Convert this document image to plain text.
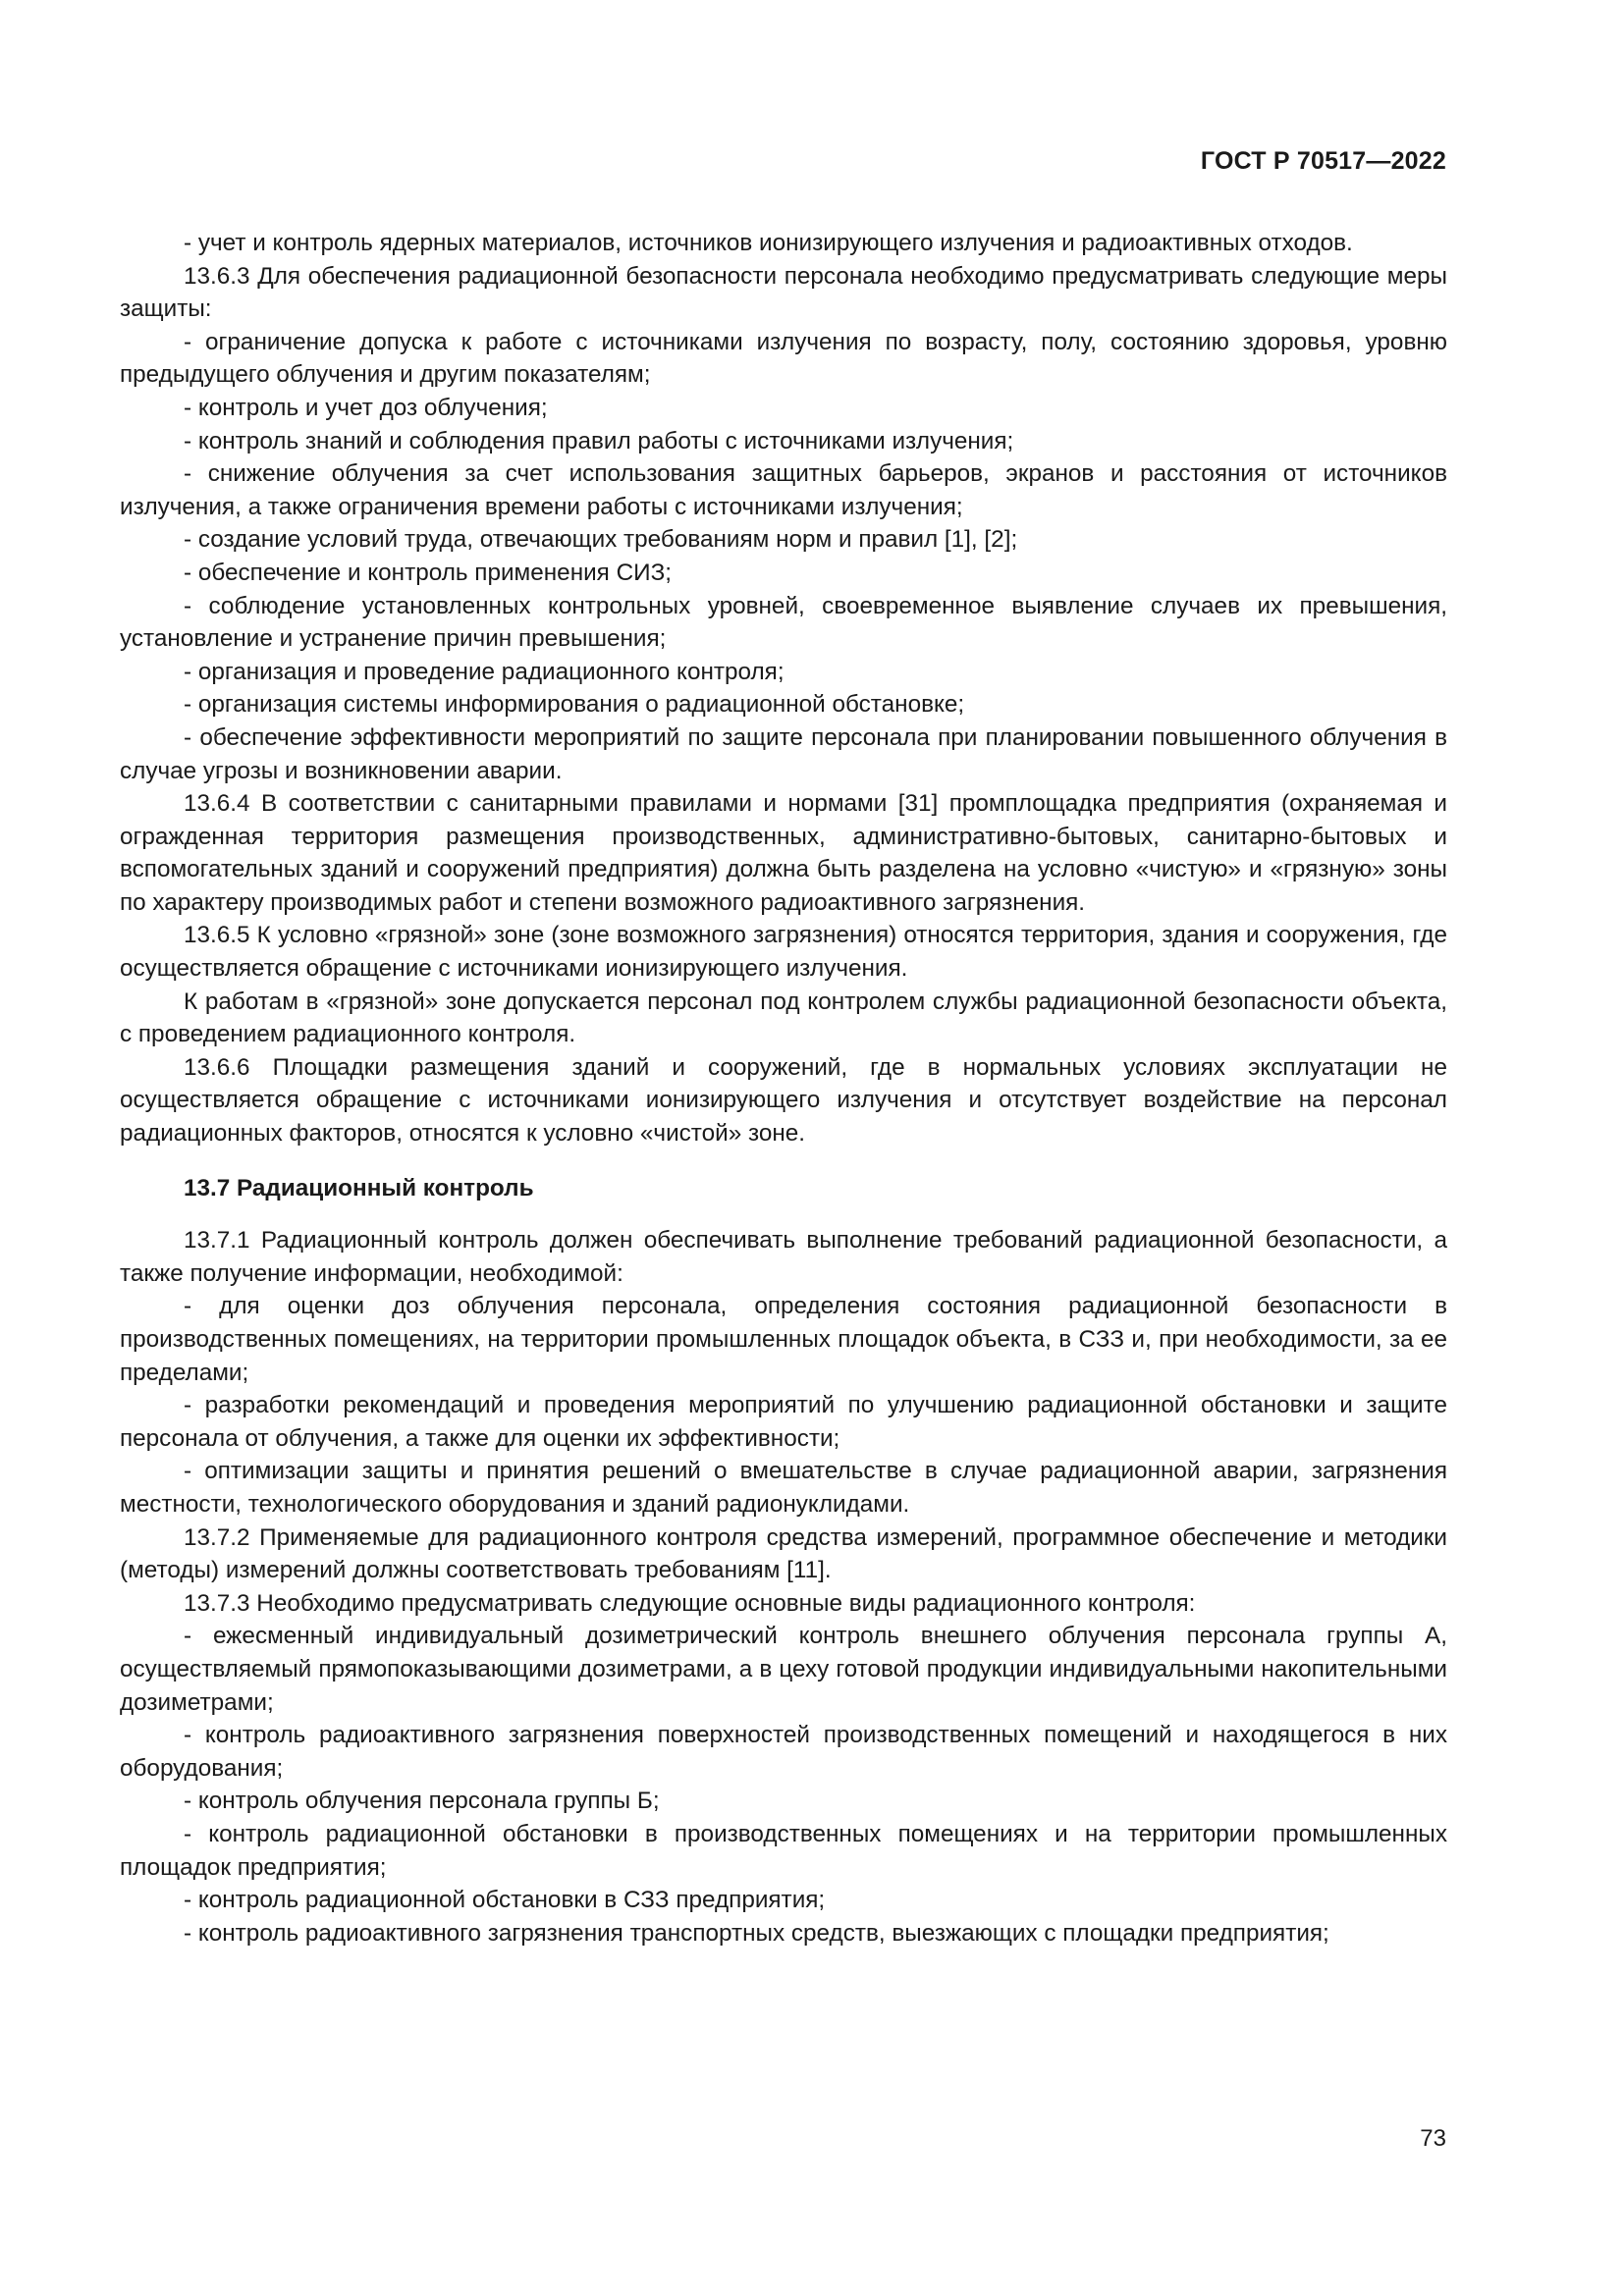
ГОСТ Р 70517—2022

- учет и контроль ядерных материалов, источников ионизирующего излучения и радиоактивных отходов.

13.6.3 Для обеспечения радиационной безопасности персонала необходимо предусматривать следующие меры защиты:

- ограничение допуска к работе с источниками излучения по возрасту, полу, состоянию здоровья, уровню предыдущего облучения и другим показателям;

- контроль и учет доз облучения;

- контроль знаний и соблюдения правил работы с источниками излучения;

- снижение облучения за счет использования защитных барьеров, экранов и расстояния от источников излучения, а также ограничения времени работы с источниками излучения;

- создание условий труда, отвечающих требованиям норм и правил [1], [2];

- обеспечение и контроль применения СИЗ;

- соблюдение установленных контрольных уровней, своевременное выявление случаев их превышения, установление и устранение причин превышения;

- организация и проведение радиационного контроля;

- организация системы информирования о радиационной обстановке;

- обеспечение эффективности мероприятий по защите персонала при планировании повышенного облучения в случае угрозы и возникновении аварии.

13.6.4 В соответствии с санитарными правилами и нормами [31] промплощадка предприятия (охраняемая и огражденная территория размещения производственных, административно-бытовых, санитарно-бытовых и вспомогательных зданий и сооружений предприятия) должна быть разделена на условно «чистую» и «грязную» зоны по характеру производимых работ и степени возможного радиоактивного загрязнения.

13.6.5 К условно «грязной» зоне (зоне возможного загрязнения) относятся территория, здания и сооружения, где осуществляется обращение с источниками ионизирующего излучения.

К работам в «грязной» зоне допускается персонал под контролем службы радиационной безопасности объекта, с проведением радиационного контроля.

13.6.6 Площадки размещения зданий и сооружений, где в нормальных условиях эксплуатации не осуществляется обращение с источниками ионизирующего излучения и отсутствует воздействие на персонал радиационных факторов, относятся к условно «чистой» зоне.

13.7 Радиационный контроль

13.7.1 Радиационный контроль должен обеспечивать выполнение требований радиационной безопасности, а также получение информации, необходимой:

- для оценки доз облучения персонала, определения состояния радиационной безопасности в производственных помещениях, на территории промышленных площадок объекта, в СЗЗ и, при необходимости, за ее пределами;

- разработки рекомендаций и проведения мероприятий по улучшению радиационной обстановки и защите персонала от облучения, а также для оценки их эффективности;

- оптимизации защиты и принятия решений о вмешательстве в случае радиационной аварии, загрязнения местности, технологического оборудования и зданий радионуклидами.

13.7.2 Применяемые для радиационного контроля средства измерений, программное обеспечение и методики (методы) измерений должны соответствовать требованиям [11].

13.7.3 Необходимо предусматривать следующие основные виды радиационного контроля:

- ежесменный индивидуальный дозиметрический контроль внешнего облучения персонала группы А, осуществляемый прямопоказывающими дозиметрами, а в цеху готовой продукции индивидуальными накопительными дозиметрами;

- контроль радиоактивного загрязнения поверхностей производственных помещений и находящегося в них оборудования;

- контроль облучения персонала группы Б;

- контроль радиационной обстановки в производственных помещениях и на территории промышленных площадок предприятия;

- контроль радиационной обстановки в СЗЗ предприятия;

- контроль радиоактивного загрязнения транспортных средств, выезжающих с площадки предприятия;

73
